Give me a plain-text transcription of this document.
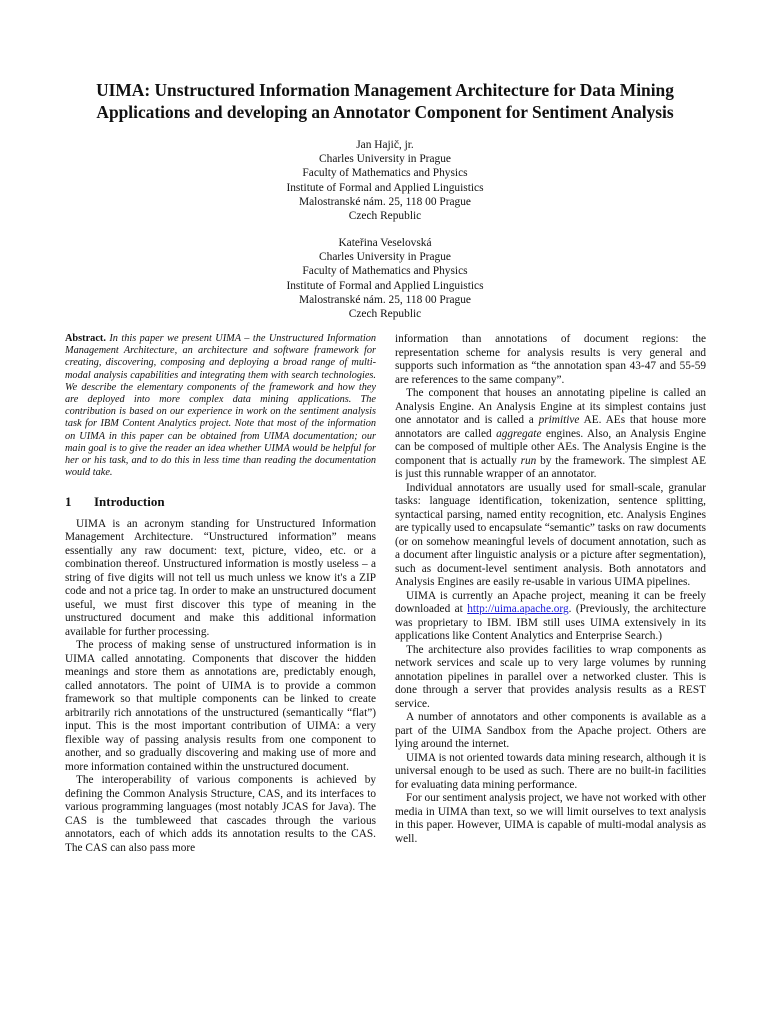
UIMA: Unstructured Information Management Architecture for Data Mining
Applications and developing an Annotator Component for Sentiment Analysis
Jan Hajič, jr.
Charles University in Prague
Faculty of Mathematics and Physics
Institute of Formal and Applied Linguistics
Malostranské nám. 25, 118 00 Prague
Czech Republic
Kateřina Veselovská
Charles University in Prague
Faculty of Mathematics and Physics
Institute of Formal and Applied Linguistics
Malostranské nám. 25, 118 00 Prague
Czech Republic

Abstract. In this paper we present UIMA – the Unstructured Information Management Architecture, an architecture and software framework for creating, discovering, composing and deploying a broad range of multi-modal analysis capabilities and integrating them with search technologies. We describe the elementary components of the framework and how they are deployed into more complex data mining applications. The contribution is based on our experience in work on the sentiment analysis task for IBM Content Analytics project. Note that most of the information on UIMA in this paper can be obtained from UIMA documentation; our main goal is to give the reader an idea whether UIMA would be helpful for her or his task, and to do this in less time than reading the documentation would take.

1 Introduction

UIMA is an acronym standing for Unstructured Information Management Architecture. “Unstructured information” means essentially any raw document: text, picture, video, etc. or a combination thereof. Unstructured information is mostly useless – a string of five digits will not tell us much unless we know it's a ZIP code and not a price tag. In order to make an unstructured document useful, we must first discover this type of meaning in the unstructured document and make this additional information available for further processing.

The process of making sense of unstructured information is in UIMA called annotating. Components that discover the hidden meanings and store them as annotations are, predictably enough, called annotators. The point of UIMA is to provide a common framework so that multiple components can be linked to create arbitrarily rich annotations of the unstructured (semantically “flat”) input. This is the most important contribution of UIMA: a very flexible way of passing analysis results from one component to another, and so gradually discovering and making use of more and more information contained within the unstructured document.

The interoperability of various components is achieved by defining the Common Analysis Structure, CAS, and its interfaces to various programming languages (most notably JCAS for Java). The CAS is the tumbleweed that cascades through the various annotators, each of which adds its annotation results to the CAS. The CAS can also pass more

information than annotations of document regions: the representation scheme for analysis results is very general and supports such information as “the annotation span 43-47 and 55-59 are references to the same company”.

The component that houses an annotating pipeline is called an Analysis Engine. An Analysis Engine at its simplest contains just one annotator and is called a primitive AE. AEs that house more annotators are called aggregate engines. Also, an Analysis Engine can be composed of multiple other AEs. The Analysis Engine is the component that is actually run by the framework. The simplest AE is just this runnable wrapper of an annotator.

Individual annotators are usually used for small-scale, granular tasks: language identification, tokenization, sentence splitting, syntactical parsing, named entity recognition, etc. Analysis Engines are typically used to encapsulate “semantic” tasks on raw documents (or on somehow meaningful levels of document annotation, such as a document after linguistic analysis or a picture after segmentation), such as document-level sentiment analysis. Both annotators and Analysis Engines are easily re-usable in various UIMA pipelines.

UIMA is currently an Apache project, meaning it can be freely downloaded at http://uima.apache.org. (Previously, the architecture was proprietary to IBM. IBM still uses UIMA extensively in its applications like Content Analytics and Enterprise Search.)

The architecture also provides facilities to wrap components as network services and scale up to very large volumes by running annotation pipelines in parallel over a networked cluster. This is done through a server that provides analysis results as a REST service.

A number of annotators and other components is available as a part of the UIMA Sandbox from the Apache project. Others are lying around the internet.

UIMA is not oriented towards data mining research, although it is universal enough to be used as such. There are no built-in facilities for evaluating data mining performance.

For our sentiment analysis project, we have not worked with other media in UIMA than text, so we will limit ourselves to text analysis in this paper. However, UIMA is capable of multi-modal analysis as well.
